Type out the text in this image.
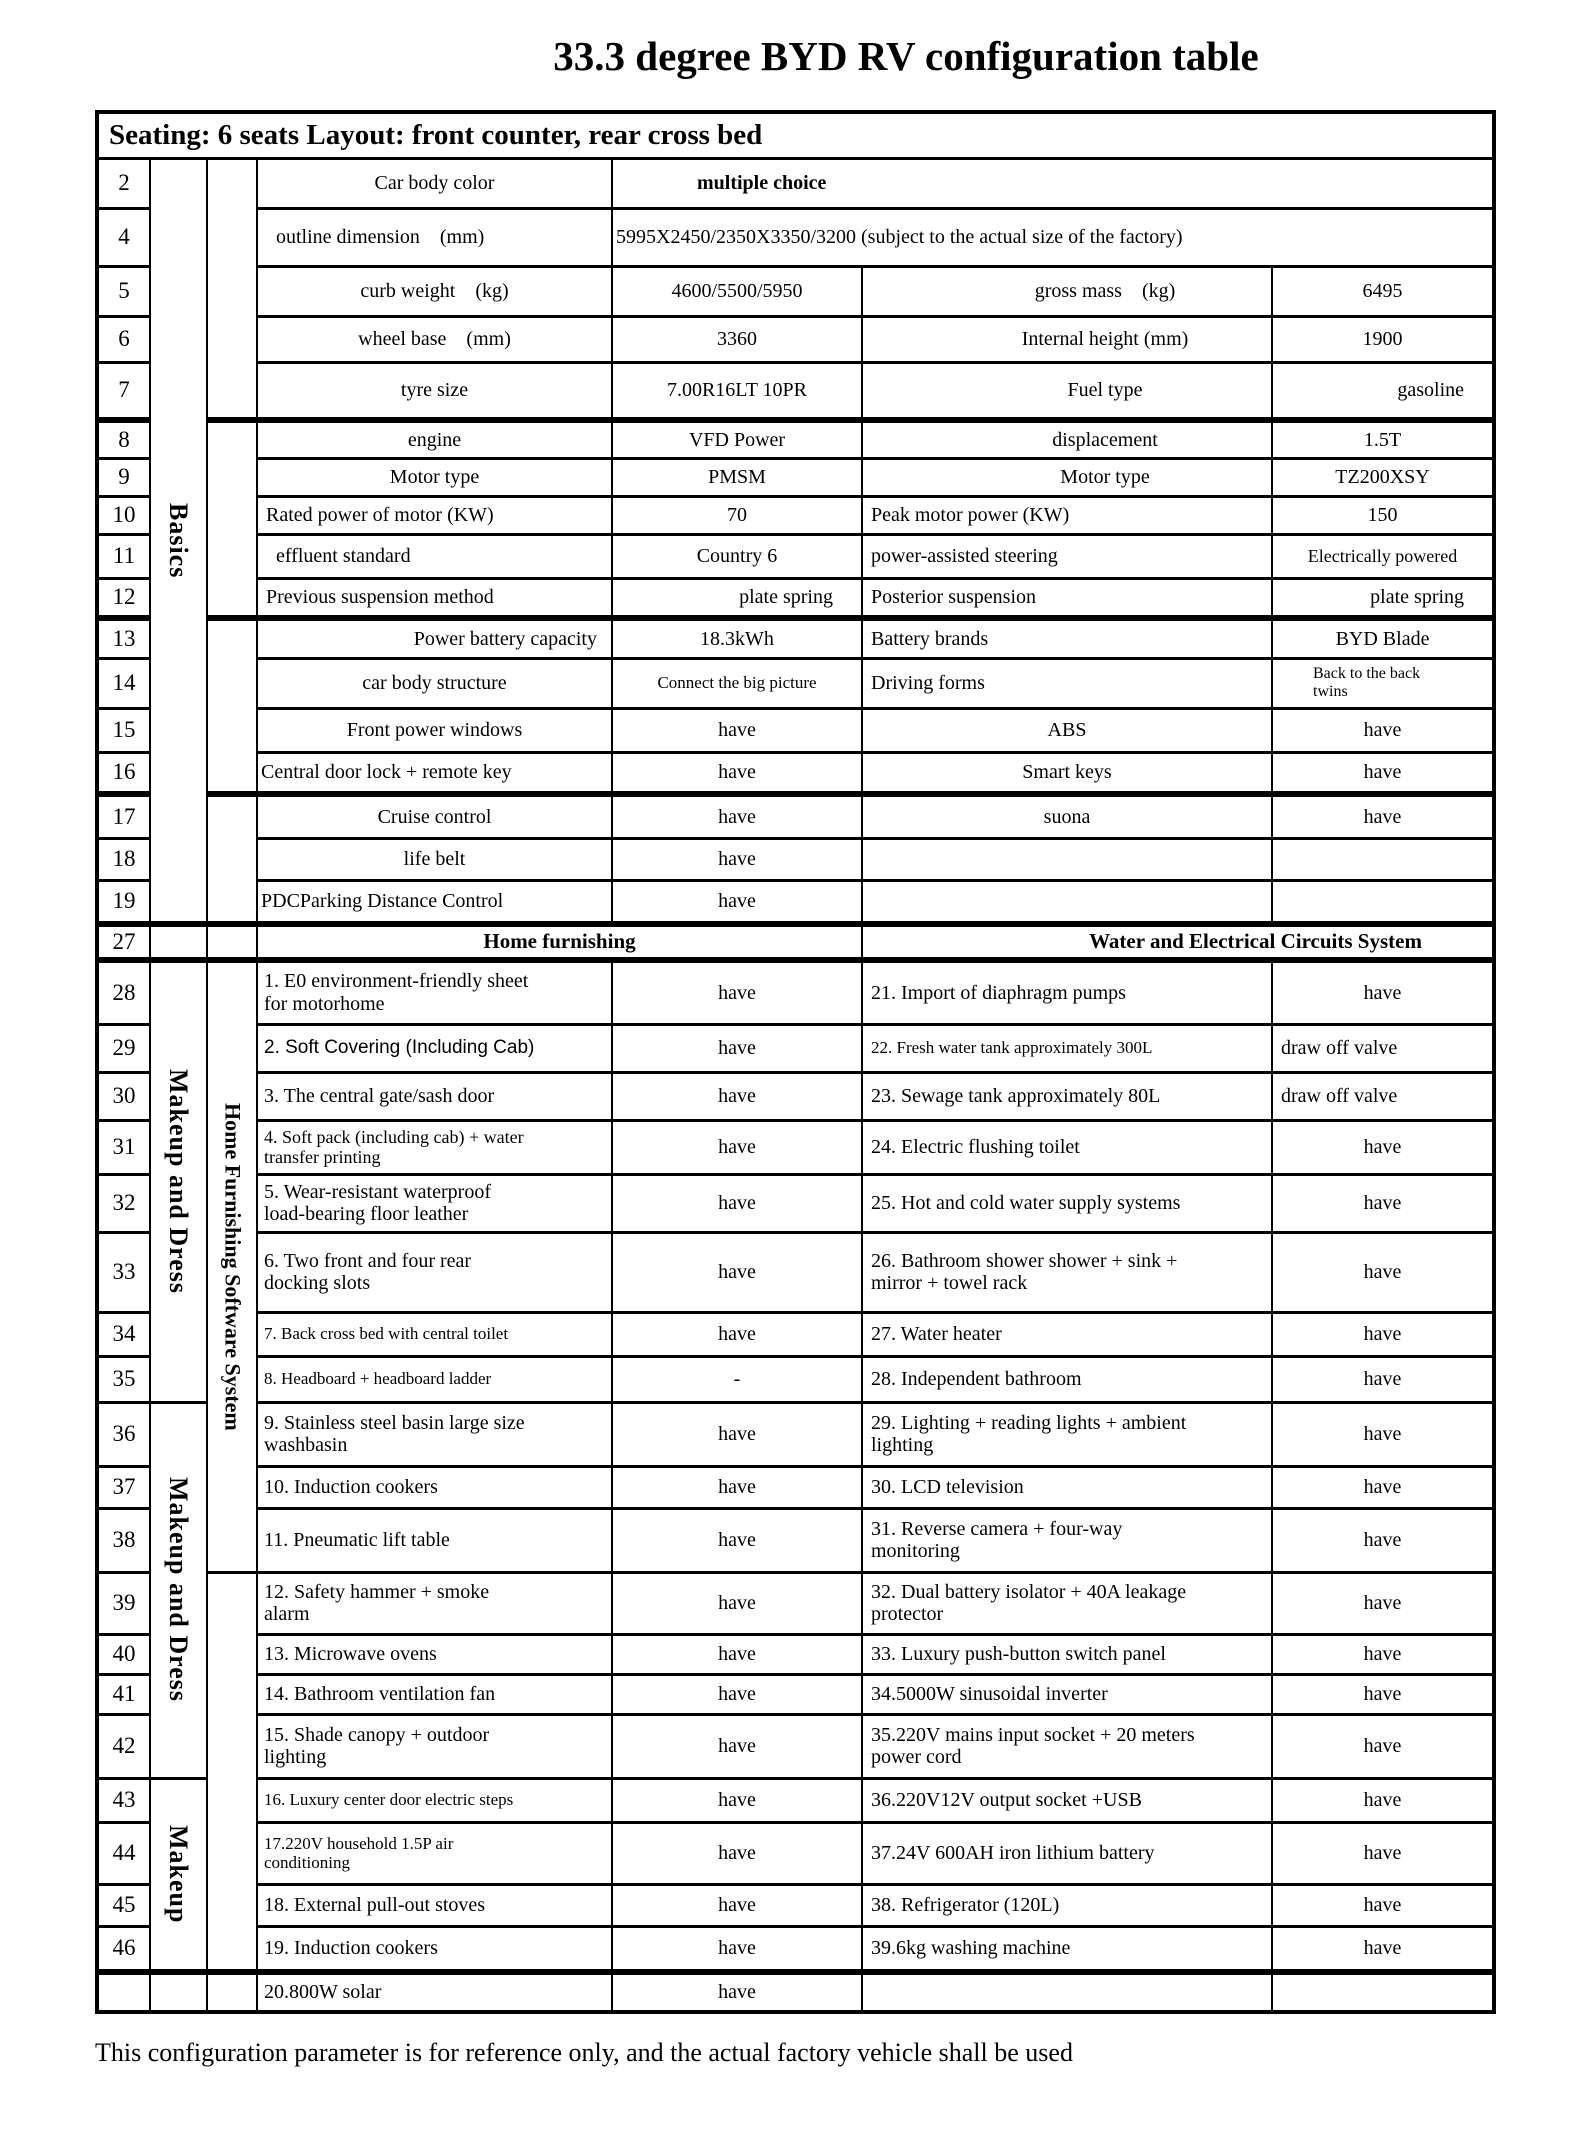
33.3 degree BYD RV configuration table
Seating: 6 seats Layout: front counter, rear cross bed						
2	Basics		Car body color	multiple choice		
4			outline dimension (mm)	5995X2450/2350X3350/3200 (subject to the actual size of the factory)		
5			curb weight (kg)	4600/5500/5950	gross mass (kg)	6495
6			wheel base (mm)	3360	Internal height (mm)	1900
7			tyre size	7.00R16LT 10PR	Fuel type	gasoline
8			engine	VFD Power	displacement	1.5T
9			Motor type	PMSM	Motor type	TZ200XSY
10			Rated power of motor (KW)	70	Peak motor power (KW)	150
11			effluent standard	Country 6	power-assisted steering	Electrically powered
12			Previous suspension method	plate spring	Posterior suspension	plate spring
13			Power battery capacity	18.3kWh	Battery brands	BYD Blade
14			car body structure	Connect the big picture	Driving forms	Back to the back twins
15			Front power windows	have	ABS	have
16			Central door lock + remote key	have	Smart keys	have
17			Cruise control	have	suona	have
18			life belt	have		
19			PDCParking Distance Control	have		
27			Home furnishing		Water and Electrical Circuits System	
28	Makeup and Dress	Home Furnishing Software System	1. E0 environment-friendly sheet for motorhome	have	21. Import of diaphragm pumps	have
29			2. Soft Covering (Including Cab)	have	22. Fresh water tank approximately 300L	draw off valve
30			3. The central gate/sash door	have	23. Sewage tank approximately 80L	draw off valve
31			4. Soft pack (including cab) + water transfer printing	have	24. Electric flushing toilet	have
32			5. Wear-resistant waterproof load-bearing floor leather	have	25. Hot and cold water supply systems	have
33			6. Two front and four rear docking slots	have	26. Bathroom shower shower + sink + mirror + towel rack	have
34			7. Back cross bed with central toilet	have	27. Water heater	have
35			8. Headboard + headboard ladder	-	28. Independent bathroom	have
36	Makeup and Dress		9. Stainless steel basin large size washbasin	have	29. Lighting + reading lights + ambient lighting	have
37			10. Induction cookers	have	30. LCD television	have
38			11. Pneumatic lift table	have	31. Reverse camera + four-way monitoring	have
39			12. Safety hammer + smoke alarm	have	32. Dual battery isolator + 40A leakage protector	have
40			13. Microwave ovens	have	33. Luxury push-button switch panel	have
41			14. Bathroom ventilation fan	have	34.5000W sinusoidal inverter	have
42			15. Shade canopy + outdoor lighting	have	35.220V mains input socket + 20 meters power cord	have
43	Makeup		16. Luxury center door electric steps	have	36.220V12V output socket +USB	have
44			17.220V household 1.5P air conditioning	have	37.24V 600AH iron lithium battery	have
45			18. External pull-out stoves	have	38. Refrigerator (120L)	have
46			19. Induction cookers	have	39.6kg washing machine	have
			20.800W solar	have		
This configuration parameter is for reference only, and the actual factory vehicle shall be used
